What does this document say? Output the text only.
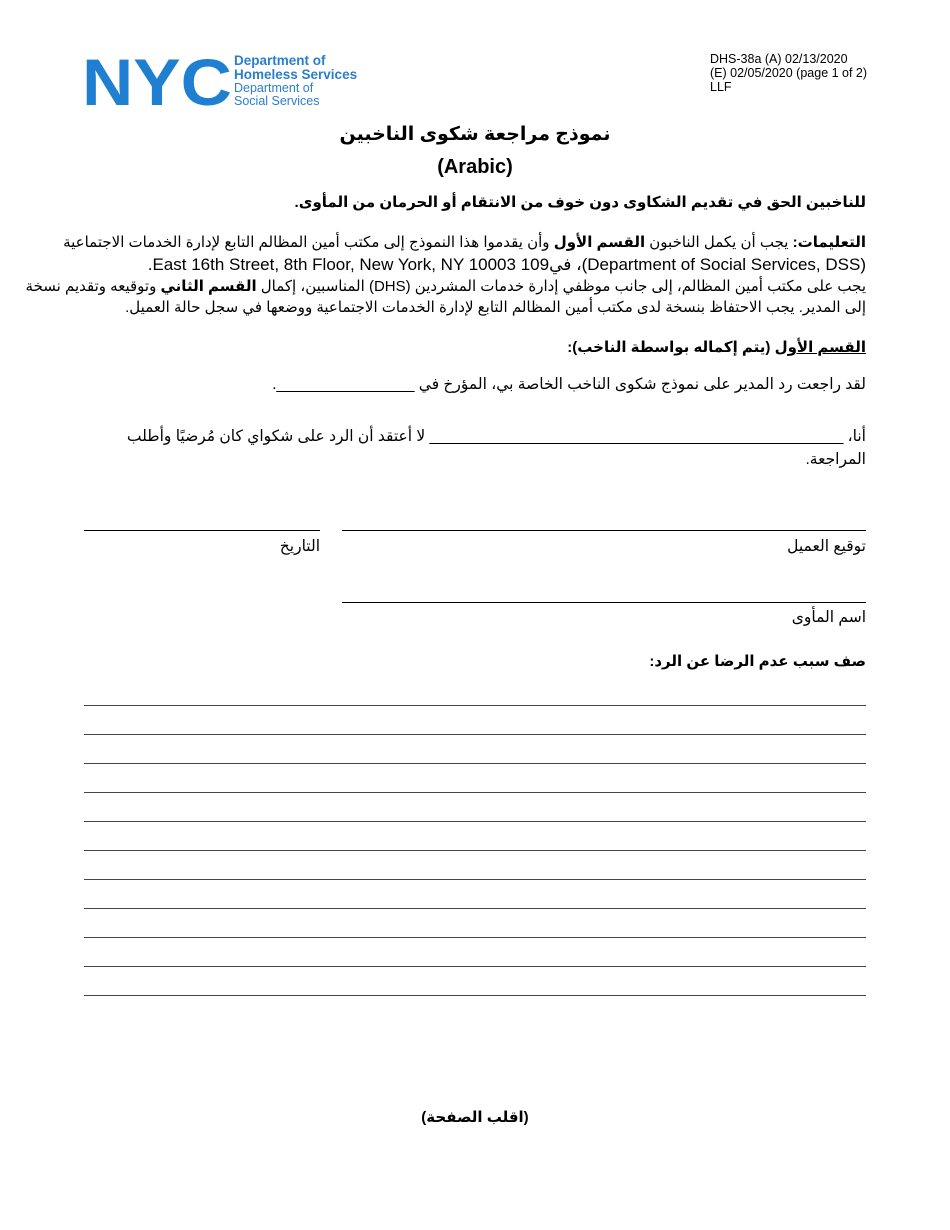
NYC Department of
Homeless Services
Department of
Social Services
DHS-38a (A) 02/13/2020
(E) 02/05/2020 (page 1 of 2)
LLF
نموذج مراجعة شكوى الناخبين
(Arabic)
للناخبين الحق في تقديم الشكاوى دون خوف من الانتقام أو الحرمان من المأوى.
التعليمات: يجب أن يكمل الناخبون القسم الأول وأن يقدموا هذا النموذج إلى مكتب أمين المظالم التابع لإدارة الخدمات الاجتماعية
(Department of Social Services, DSS)، في109 East 16th Street, 8th Floor, New York, NY 10003.
يجب على مكتب أمين المظالم، إلى جانب موظفي إدارة خدمات المشردين (DHS) المناسبين، إكمال القسم الثاني وتوقيعه وتقديم نسخة
إلى المدير. يجب الاحتفاظ بنسخة لدى مكتب أمين المظالم التابع لإدارة الخدمات الاجتماعية ووضعها في سجل حالة العميل.
القسم الأول (يتم إكماله بواسطة الناخب):
لقد راجعت رد المدير على نموذج شكوى الناخب الخاصة بي، المؤرخ في ________________.
أنا، ________________________________________________ لا أعتقد أن الرد على شكواي كان مُرضيًا وأطلب
المراجعة.
توقيع العميل
التاريخ
اسم المأوى
صف سبب عدم الرضا عن الرد:
(اقلب الصفحة)
